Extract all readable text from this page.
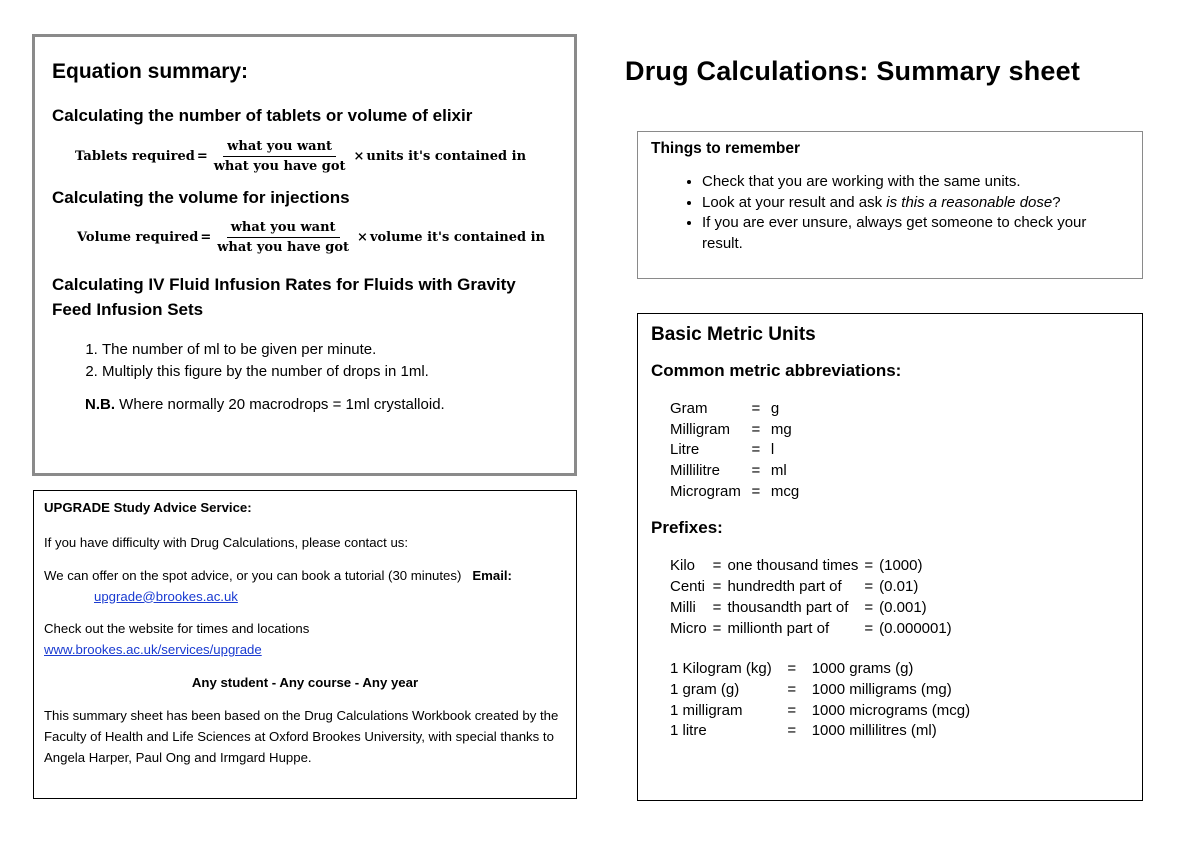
Equation summary:
Calculating the number of tablets or volume of elixir
Tablets required = $\frac{\text{what you want}}{\text{what you have got}}$ × units it's contained in
Calculating the volume for injections
Volume required = $\frac{\text{what you want}}{\text{what you have got}}$ × volume it's contained in
Calculating IV Fluid Infusion Rates for Fluids with Gravity Feed Infusion Sets
1. The number of ml to be given per minute.
2. Multiply this figure by the number of drops in 1ml.
N.B. Where normally 20 macrodrops = 1ml crystalloid.

UPGRADE Study Advice Service:

If you have difficulty with Drug Calculations, please contact us:

We can offer on the spot advice, or you can book a tutorial (30 minutes) Email:
upgrade@brookes.ac.uk

Check out the website for times and locations
www.brookes.ac.uk/services/upgrade

Any student - Any course - Any year

This summary sheet has been based on the Drug Calculations Workbook created by the Faculty of Health and Life Sciences at Oxford Brookes University, with special thanks to Angela Harper, Paul Ong and Irmgard Huppe.

Drug Calculations: Summary sheet
Things to remember
• Check that you are working with the same units.
• Look at your result and ask is this a reasonable dose?
• If you are ever unsure, always get someone to check your result.
Basic Metric Units
Common metric abbreviations:
Gram	=	g
Milligram	=	mg
Litre	=	l
Millilitre	=	ml
Microgram	=	mcg
Prefixes:
Kilo	=	one thousand times	=	(1000)
Centi	=	hundredth part of	=	(0.01)
Milli	=	thousandth part of	=	(0.001)
Micro	=	millionth part of	=	(0.000001)
1 Kilogram (kg)	=	1000 grams (g)
1 gram (g)	=	1000 milligrams (mg)
1 milligram	=	1000 micrograms (mcg)
1 litre	=	1000 millilitres (ml)
